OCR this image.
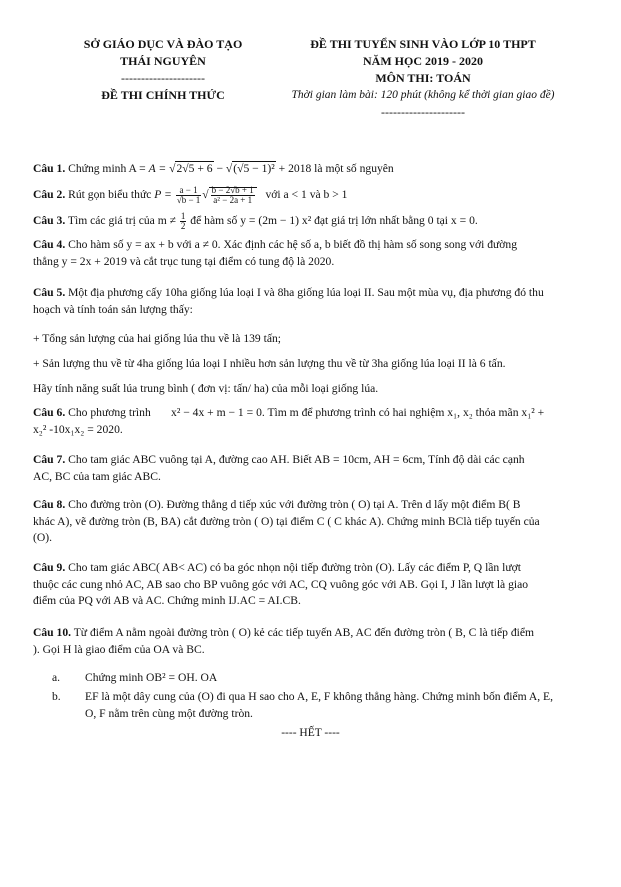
SỞ GIÁO DỤC VÀ ĐÀO TẠO
THÁI NGUYÊN
---------------------
ĐỀ THI CHÍNH THỨC
ĐỀ THI TUYỂN SINH VÀO LỚP 10 THPT
NĂM HỌC 2019 - 2020
MÔN THI: TOÁN
Thời gian làm bài: 120 phút (không kể thời gian giao đề)
---------------------
Câu 1. Chứng minh A = A = √2√5 + 6 − √(√5 − 1)² + 2018 là một số nguyên
Câu 2. Rút gọn biểu thức $P = \frac{a - 1}{√b - 1}$ √ $\frac{b - 2√b + 1}{\text{a² − 2a + 1}}$ với a < 1 và b > 1
Câu 3. Tìm các giá trị của $m \ne \frac{1}{2}$ để hàm số y = (2m − 1) x² đạt giá trị lớn nhất bằng 0 tại x = 0.
Câu 4. Cho hàm số y = ax + b với a ≠ 0. Xác định các hệ số a, b biết đồ thị hàm số song song với đường
thẳng y = 2x + 2019 và cắt trục tung tại điểm có tung độ là 2020.
Câu 5. Một địa phương cấy 10ha giống lúa loại I và 8ha giống lúa loại II. Sau một mùa vụ, địa phương đó thu
hoạch và tính toán sản lượng thấy:
+ Tổng sản lượng của hai giống lúa thu về là 139 tấn;
+ Sản lượng thu về từ 4ha giống lúa loại I nhiều hơn sản lượng thu về từ 3ha giống lúa loại II là 6 tấn.
Hãy tính năng suất lúa trung bình ( đơn vị: tấn/ ha) của mỗi loại giống lúa.
Câu 6. Cho phương trình       x² − 4x + m − 1 = 0. Tìm m để phương trình có hai nghiệm x₁, x₂ thỏa mãn x₁² +
x₂² -10x₁x₂ = 2020.
Câu 7. Cho tam giác ABC vuông tại A, đường cao AH. Biết AB = 10cm, AH = 6cm, Tính độ dài các cạnh
AC, BC của tam giác ABC.
Câu 8. Cho đường tròn (O). Đường thẳng d tiếp xúc với đường tròn ( O) tại A. Trên d lấy một điểm B( B
khác A), vẽ đường tròn (B, BA) cắt đường tròn ( O) tại điểm C ( C khác A). Chứng minh BClà tiếp tuyến của
(O).
Câu 9. Cho tam giác ABC( AB< AC) có ba góc nhọn nội tiếp đường tròn (O). Lấy các điểm P, Q lần lượt
thuộc các cung nhỏ AC, AB sao cho BP vuông góc với AC, CQ vuông góc với AB. Gọi I, J lần lượt là giao
điểm của PQ với AB và AC. Chứng minh IJ.AC = AI.CB.
Câu 10. Từ điểm A nằm ngoài đường tròn ( O) kẻ các tiếp tuyến AB, AC đến đường tròn ( B, C là tiếp điểm
). Gọi H là giao điểm của OA và BC.
a. Chứng minh OB² = OH. OA
b. EF là một dây cung của (O) đi qua H sao cho A, E, F không thẳng hàng. Chứng minh bốn điểm A, E,
O, F nằm trên cùng một đường tròn.
---- HẾT ----
